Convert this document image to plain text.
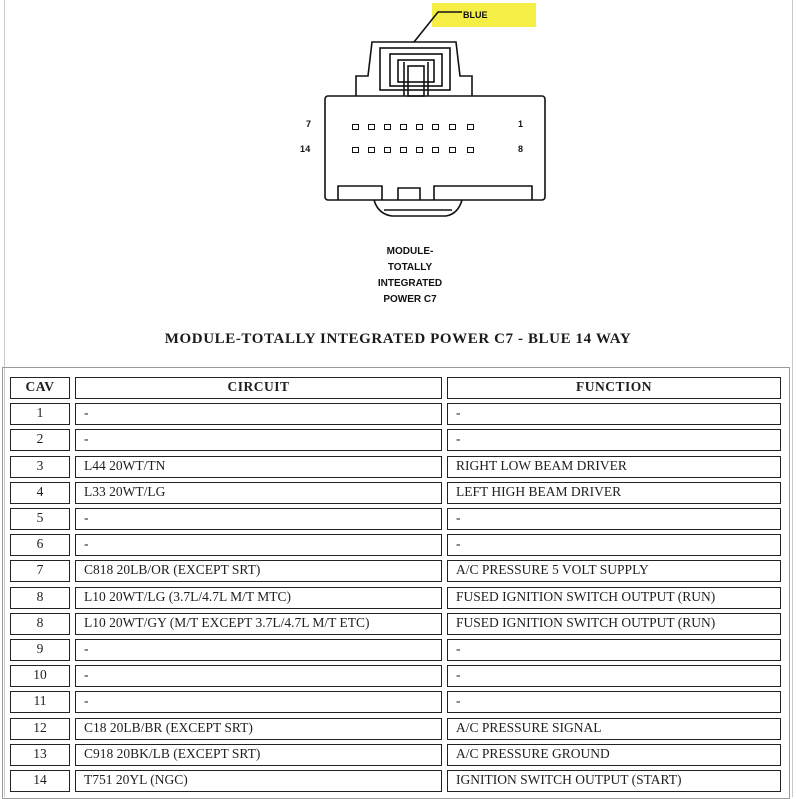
BLUE
7
14
1
8
MODULE-
TOTALLY
INTEGRATED
POWER C7
MODULE-TOTALLY INTEGRATED POWER C7 - BLUE 14 WAY
CAV	CIRCUIT	FUNCTION
1	-	-
2	-	-
3	L44 20WT/TN	RIGHT LOW BEAM DRIVER
4	L33 20WT/LG	LEFT HIGH BEAM DRIVER
5	-	-
6	-	-
7	C818 20LB/OR (EXCEPT SRT)	A/C PRESSURE 5 VOLT SUPPLY
8	L10 20WT/LG (3.7L/4.7L M/T MTC)	FUSED IGNITION SWITCH OUTPUT (RUN)
8	L10 20WT/GY (M/T EXCEPT 3.7L/4.7L M/T ETC)	FUSED IGNITION SWITCH OUTPUT (RUN)
9	-	-
10	-	-
11	-	-
12	C18 20LB/BR (EXCEPT SRT)	A/C PRESSURE SIGNAL
13	C918 20BK/LB (EXCEPT SRT)	A/C PRESSURE GROUND
14	T751 20YL (NGC)	IGNITION SWITCH OUTPUT (START)
